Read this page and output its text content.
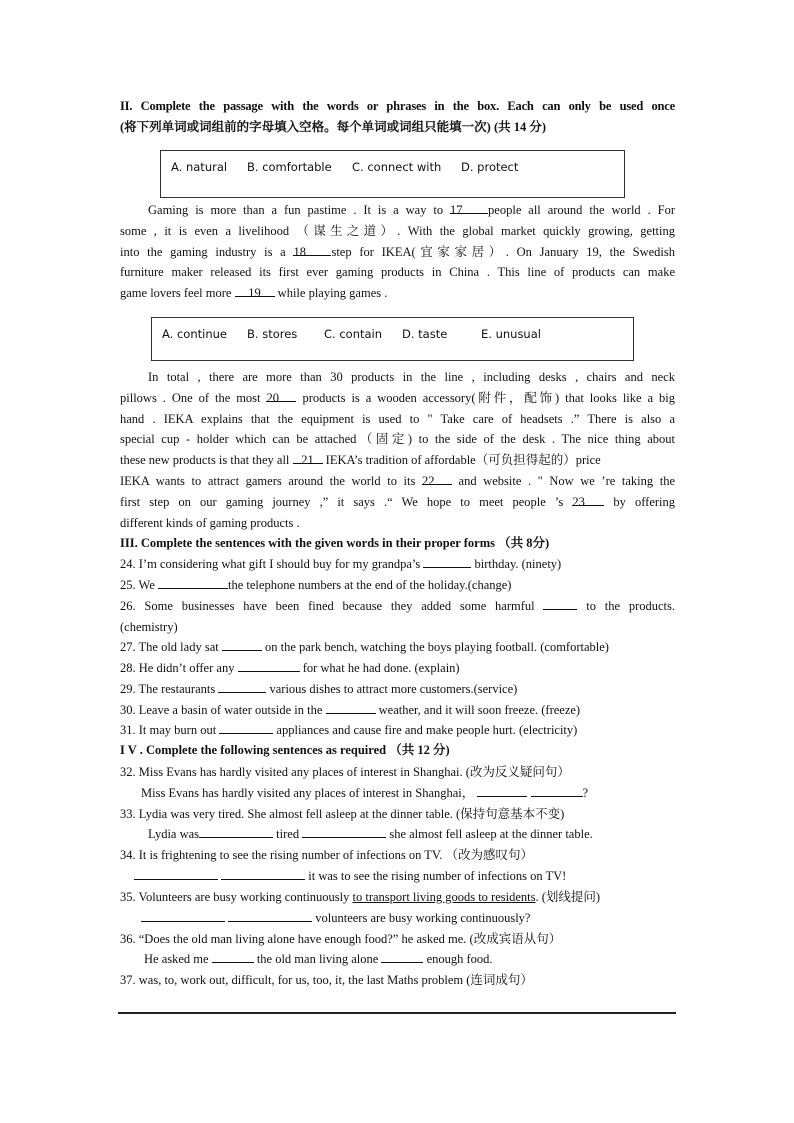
II. Complete the passage with the words or phrases in the box. Each can only be used once
(将下列单词或词组前的字母填入空格。每个单词或词组只能填一次) (共 14 分)
A. natural B. comfortable C. connect with D. protect
Gaming is more than a fun pastime . It is a way to 17 people all around the world . For
some , it is even a livelihood （谋生之道）. With the global market quickly growing, getting
into the gaming industry is a 18 step for IKEA(宜家家居）. On January 19, the Swedish
furniture maker released its first ever gaming products in China . This line of products can make
game lovers feel more 19 while playing games .
A. continue B. stores C. contain D. taste	E. unusual
In total , there are more than 30 products in the line , including desks , chairs and neck
pillows . One of the most 20 products is a wooden accessory(附件，配饰) that looks like a big
hand . IEKA explains that the equipment is used to " Take care of headsets .” There is also a
special cup - holder which can be attached（固定) to the side of the desk . The nice thing about
these new products is that they all 21 IEKA’s tradition of affordable（可负担得起的）price
IEKA wants to attract gamers around the world to its 22 and website . " Now we ’re taking the
first step on our gaming journey ,” it says .“ We hope to meet people ’s 23 by offering
different kinds of gaming products .
III. Complete the sentences with the given words in their proper forms （共 8分)
24. I’m considering what gift I should buy for my grandpa’s	birthday. (ninety)
25. We	the telephone numbers at the end of the holiday.(change)
26. Some businesses have been fined because they added some harmful	to the products.
(chemistry)
27. The old lady sat	on the park bench, watching the boys playing football. (comfortable)
28. He didn’t offer any	for what he had done. (explain)
29. The restaurants	various dishes to attract more customers.(service)
30. Leave a basin of water outside in the	weather, and it will soon freeze. (freeze)
31. It may burn out	appliances and cause fire and make people hurt. (electricity)
I V . Complete the following sentences as required （共 12 分)
32. Miss Evans has hardly visited any places of interest in Shanghai. (改为反义疑问句）
Miss Evans has hardly visited any places of interest in Shanghai，	?
33. Lydia was very tired. She almost fell asleep at the dinner table. (保持句意基本不变)
Lydia was	tired	she almost fell asleep at the dinner table.
34. It is frightening to see the rising number of infections on TV. （改为感叹句）
it was to see the rising number of infections on TV!
35. Volunteers are busy working continuously to transport living goods to residents. (划线提问)
volunteers are busy working continuously?
36. “Does the old man living alone have enough food?” he asked me. (改成宾语从句）
He asked me	the old man living alone	enough food.
37. was, to, work out, difficult, for us, too, it, the last Maths problem (连词成句）
